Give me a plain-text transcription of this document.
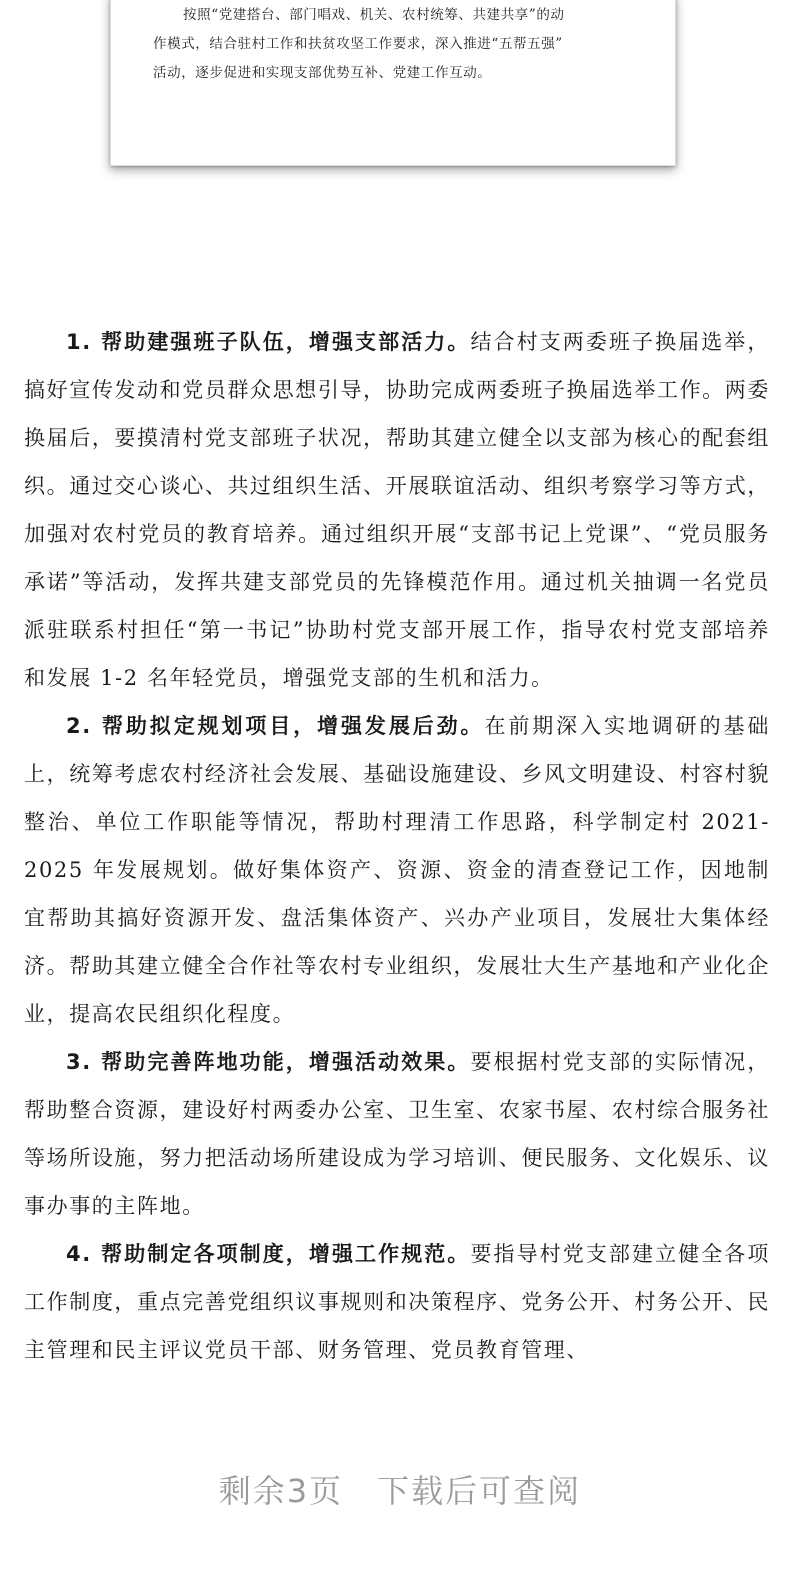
按照“党建搭台、部门唱戏、机关、农村统筹、共建共享”的动

作模式，结合驻村工作和扶贫攻坚工作要求，深入推进“五帮五强”

活动，逐步促进和实现支部优势互补、党建工作互动。

1. 帮助建强班子队伍，增强支部活力。结合村支两委班子换届选举，搞好宣传发动和党员群众思想引导，协助完成两委班子换届选举工作。两委换届后，要摸清村党支部班子状况，帮助其建立健全以支部为核心的配套组织。通过交心谈心、共过组织生活、开展联谊活动、组织考察学习等方式，加强对农村党员的教育培养。通过组织开展“支部书记上党课”、“党员服务承诺”等活动，发挥共建支部党员的先锋模范作用。通过机关抽调一名党员派驻联系村担任“第一书记”协助村党支部开展工作，指导农村党支部培养和发展 1-2 名年轻党员，增强党支部的生机和活力。

2. 帮助拟定规划项目，增强发展后劲。在前期深入实地调研的基础上，统筹考虑农村经济社会发展、基础设施建设、乡风文明建设、村容村貌整治、单位工作职能等情况，帮助村理清工作思路，科学制定村 2021-2025 年发展规划。做好集体资产、资源、资金的清查登记工作，因地制宜帮助其搞好资源开发、盘活集体资产、兴办产业项目，发展壮大集体经济。帮助其建立健全合作社等农村专业组织，发展壮大生产基地和产业化企业，提高农民组织化程度。

3. 帮助完善阵地功能，增强活动效果。要根据村党支部的实际情况，帮助整合资源，建设好村两委办公室、卫生室、农家书屋、农村综合服务社等场所设施，努力把活动场所建设成为学习培训、便民服务、文化娱乐、议事办事的主阵地。

4. 帮助制定各项制度，增强工作规范。要指导村党支部建立健全各项工作制度，重点完善党组织议事规则和决策程序、党务公开、村务公开、民主管理和民主评议党员干部、财务管理、党员教育管理、

剩余3页 下载后可查阅
